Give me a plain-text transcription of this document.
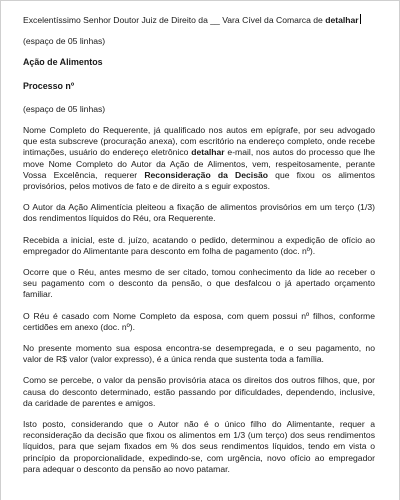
Excelentíssimo Senhor Doutor Juiz de Direito da __ Vara Cível da Comarca de detalhar

(espaço de 05 linhas)

Ação de Alimentos

Processo nº

(espaço de 05 linhas)

Nome Completo do Requerente, já qualificado nos autos em epígrafe, por seu advogado que esta subscreve (procuração anexa), com escritório na endereço completo, onde recebe intimações, usuário do endereço eletrônico detalhar e-mail, nos autos do processo que lhe move Nome Completo do Autor da Ação de Alimentos, vem, respeitosamente, perante Vossa Excelência, requerer Reconsideração da Decisão que fixou os alimentos provisórios, pelos motivos de fato e de direito a s eguir expostos.

O Autor da Ação Alimentícia pleiteou a fixação de alimentos provisórios em um terço (1/3) dos rendimentos líquidos do Réu, ora Requerente.

Recebida a inicial, este d. juízo, acatando o pedido, determinou a expedição de ofício ao empregador do Alimentante para desconto em folha de pagamento (doc. nº).

Ocorre que o Réu, antes mesmo de ser citado, tomou conhecimento da lide ao receber o seu pagamento com o desconto da pensão, o que desfalcou o já apertado orçamento familiar.

O Réu é casado com Nome Completo da esposa, com quem possui nº filhos, conforme certidões em anexo (doc. nº).

No presente momento sua esposa encontra-se desempregada, e o seu pagamento, no valor de R$ valor (valor expresso), é a única renda que sustenta toda a família.

Como se percebe, o valor da pensão provisória ataca os direitos dos outros filhos, que, por causa do desconto determinado, estão passando por dificuldades, dependendo, inclusive, da caridade de parentes e amigos.

Isto posto, considerando que o Autor não é o único filho do Alimentante, requer a reconsideração da decisão que fixou os alimentos em 1/3 (um terço) dos seus rendimentos líquidos, para que sejam fixados em % dos seus rendimentos líquidos, tendo em vista o princípio da proporcionalidade, expedindo-se, com urgência, novo ofício ao empregador para adequar o desconto da pensão ao novo patamar.
